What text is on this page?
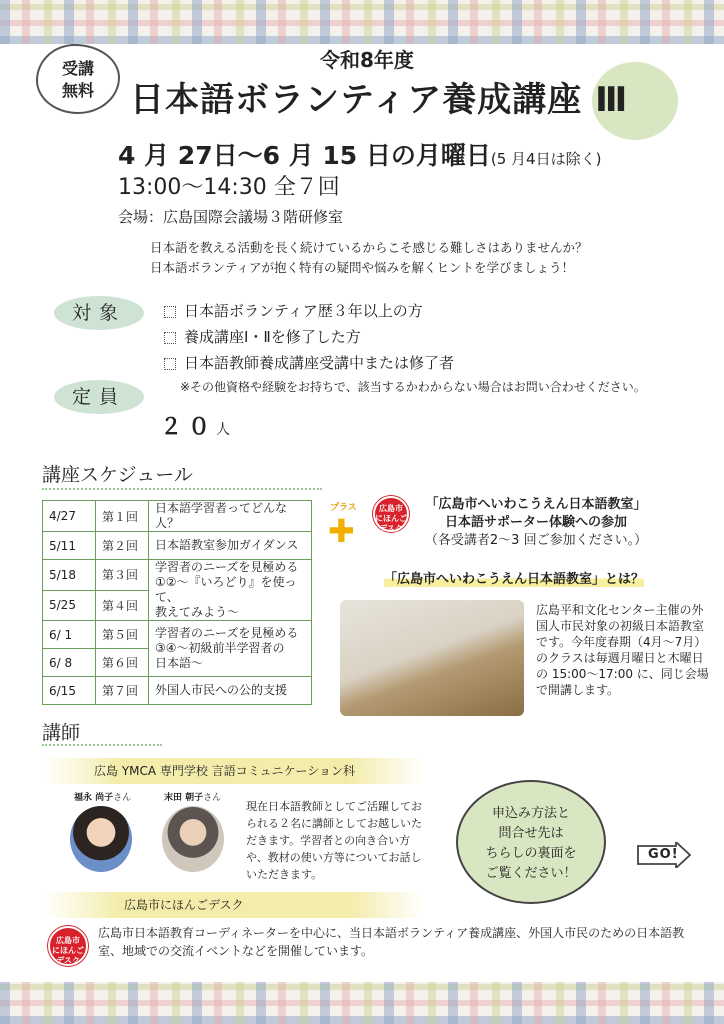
受講
無料
令和8年度
日本語ボランティア養成講座 Ⅲ
4 月 27日～6 月 15 日の月曜日(5 月4日は除く)
13:00～14:30 全７回
会場：広島国際会議場３階研修室
日本語を教える活動を長く続けているからこそ感じる難しさはありませんか？
日本語ボランティアが抱く特有の疑問や悩みを解くヒントを学びましょう！
対象	日本語ボランティア歴３年以上の方
養成講座Ⅰ・Ⅱを修了した方
日本語教師養成講座受講中または修了者
※その他資格や経験をお持ちで、該当するかわからない場合はお問い合わせください。
定員
２０人
講座スケジュール
4/27	第１回	日本語学習者ってどんな人？
5/11	第２回	日本語教室参加ガイダンス
5/18	第３回	学習者のニーズを見極める
①②～『いろどり』を使って、
教えてみよう～

5/25	第４回	
6/ 1	第５回	学習者のニーズを見極める
③④～初級前半学習者の
日本語～

6/ 8	第６回	
6/15	第７回	外国人市民への公的支援
プラス
✚
広島市
にほんご
デスク
「広島市へいわこうえん日本語教室」
日本語サポーター体験への参加
（各受講者2～3 回ご参加ください。）
「広島市へいわこうえん日本語教室」とは？
広島平和文化センター主催の外国人市民対象の初級日本語教室です。今年度春期（4月～7月）のクラスは毎週月曜日と木曜日の 15:00～17:00 に、同じ会場で開講します。
講師
広島 YMCA 専門学校 言語コミュニケーション科
福永 尚子さん	末田 朝子さん
現在日本語教師としてご活躍しておられる２名に講師としてお越しいただきます。学習者との向き合い方や、教材の使い方等についてお話しいただきます。
申込み方法と
問合せ先は
ちらしの裏面を
ご覧ください！
GO!
広島市にほんごデスク
広島市
にほんご
デスク
広島市日本語教育コーディネーターを中心に、当日本語ボランティア養成講座、外国人市民のための日本語教室、地域での交流イベントなどを開催しています。
